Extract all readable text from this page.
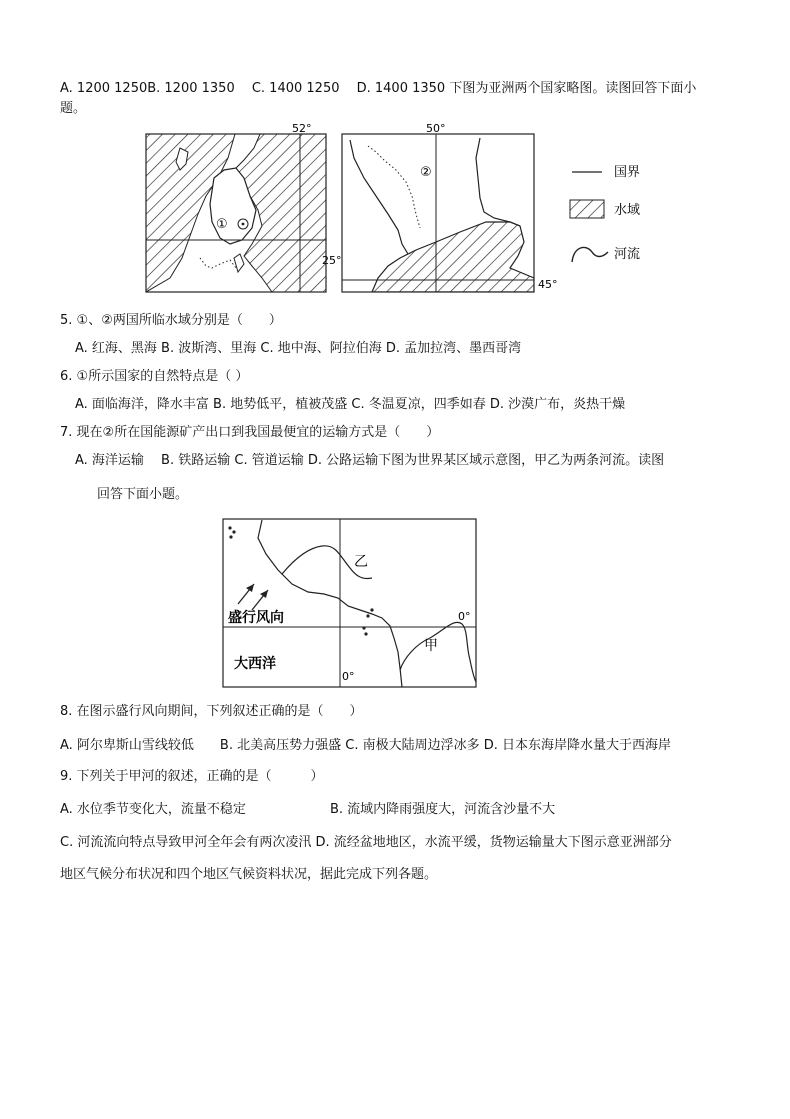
A. 1200 1250B. 1200 1350　 C. 1400 1250　 D. 1400 1350 下图为亚洲两个国家略图。读图回答下面小
题。
①
52°
25°
②
50°
45°
国界
水域
河流
5. ①、②两国所临水域分别是（　　）
A. 红海、黑海 B. 波斯湾、里海 C. 地中海、阿拉伯海 D. 孟加拉湾、墨西哥湾
6. ①所示国家的自然特点是（ ）
A. 面临海洋，降水丰富 B. 地势低平，植被茂盛 C. 冬温夏凉，四季如春 D. 沙漠广布，炎热干燥
7. 现在②所在国能源矿产出口到我国最便宜的运输方式是（　　）
A. 海洋运输　 B. 铁路运输 C. 管道运输 D. 公路运输下图为世界某区域示意图，甲乙为两条河流。读图
回答下面小题。
盛行风向
大西洋
乙
甲
0°
0°
8. 在图示盛行风向期间，下列叙述正确的是（　　）
A. 阿尔卑斯山雪线较低　　B. 北美高压势力强盛 C. 南极大陆周边浮冰多 D. 日本东海岸降水量大于西海岸
9. 下列关于甲河的叙述，正确的是（　　　）
A. 水位季节变化大，流量不稳定	B. 流域内降雨强度大，河流含沙量不大
C. 河流流向特点导致甲河全年会有两次凌汛 D. 流经盆地地区，水流平缓，货物运输量大下图示意亚洲部分
地区气候分布状况和四个地区气候资料状况，据此完成下列各题。
